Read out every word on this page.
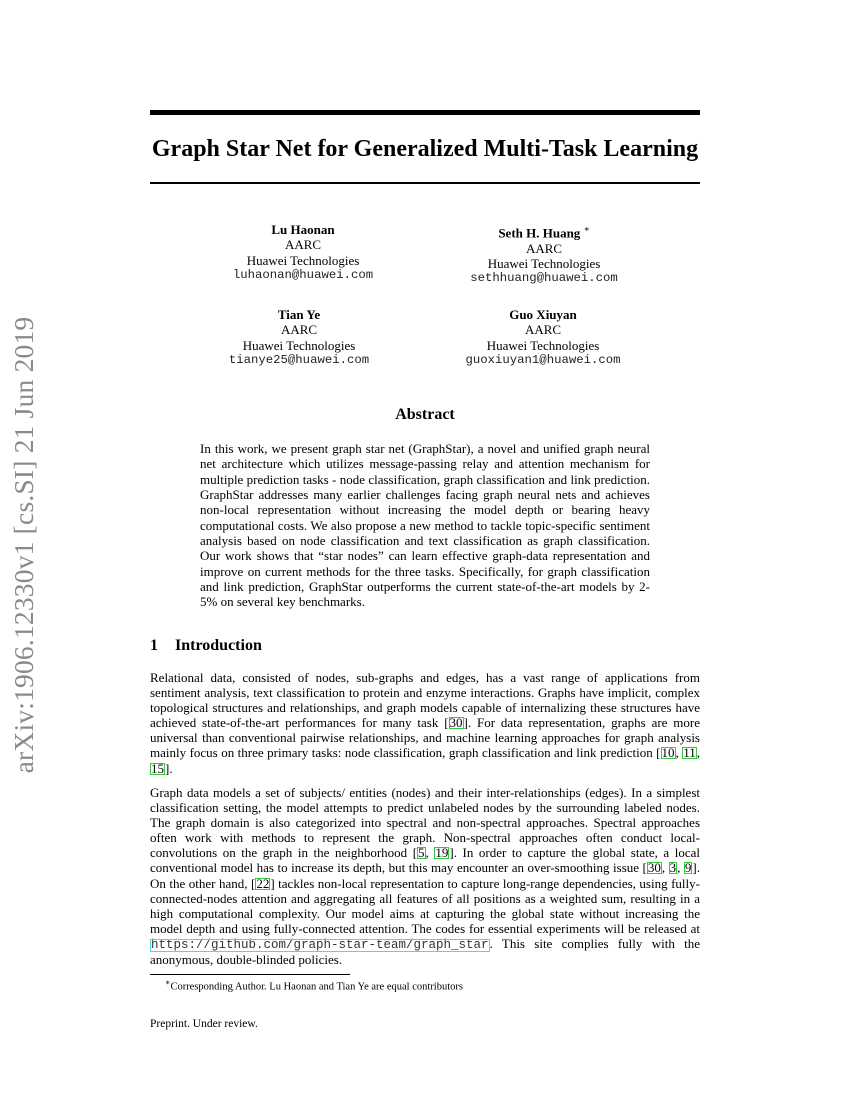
arXiv:1906.12330v1 [cs.SI] 21 Jun 2019
Graph Star Net for Generalized Multi-Task Learning
Lu Haonan
AARC
Huawei Technologies
luhaonan@huawei.com
Seth H. Huang ∗
AARC
Huawei Technologies
sethhuang@huawei.com
Tian Ye
AARC
Huawei Technologies
tianye25@huawei.com
Guo Xiuyan
AARC
Huawei Technologies
guoxiuyan1@huawei.com
Abstract
In this work, we present graph star net (GraphStar), a novel and unified graph neural net architecture which utilizes message-passing relay and attention mechanism for multiple prediction tasks - node classification, graph classification and link prediction. GraphStar addresses many earlier challenges facing graph neural nets and achieves non-local representation without increasing the model depth or bearing heavy computational costs. We also propose a new method to tackle topic-specific sentiment analysis based on node classification and text classification as graph classification. Our work shows that “star nodes” can learn effective graph-data representation and improve on current methods for the three tasks. Specifically, for graph classification and link prediction, GraphStar outperforms the current state-of-the-art models by 2-5% on several key benchmarks.
1 Introduction
Relational data, consisted of nodes, sub-graphs and edges, has a vast range of applications from sentiment analysis, text classification to protein and enzyme interactions. Graphs have implicit, complex topological structures and relationships, and graph models capable of internalizing these structures have achieved state-of-the-art performances for many task [30]. For data representation, graphs are more universal than conventional pairwise relationships, and machine learning approaches for graph analysis mainly focus on three primary tasks: node classification, graph classification and link prediction [10, 11, 15].
Graph data models a set of subjects/ entities (nodes) and their inter-relationships (edges). In a simplest classification setting, the model attempts to predict unlabeled nodes by the surrounding labeled nodes. The graph domain is also categorized into spectral and non-spectral approaches. Spectral approaches often work with methods to represent the graph. Non-spectral approaches often conduct local-convolutions on the graph in the neighborhood [5, 19]. In order to capture the global state, a local conventional model has to increase its depth, but this may encounter an over-smoothing issue [30, 3, 9]. On the other hand, [22] tackles non-local representation to capture long-range dependencies, using fully-connected-nodes attention and aggregating all features of all positions as a weighted sum, resulting in a high computational complexity. Our model aims at capturing the global state without increasing the model depth and using fully-connected attention. The codes for essential experiments will be released at https://github.com/graph-star-team/graph_star. This site complies fully with the anonymous, double-blinded policies.
∗Corresponding Author. Lu Haonan and Tian Ye are equal contributors
Preprint. Under review.
